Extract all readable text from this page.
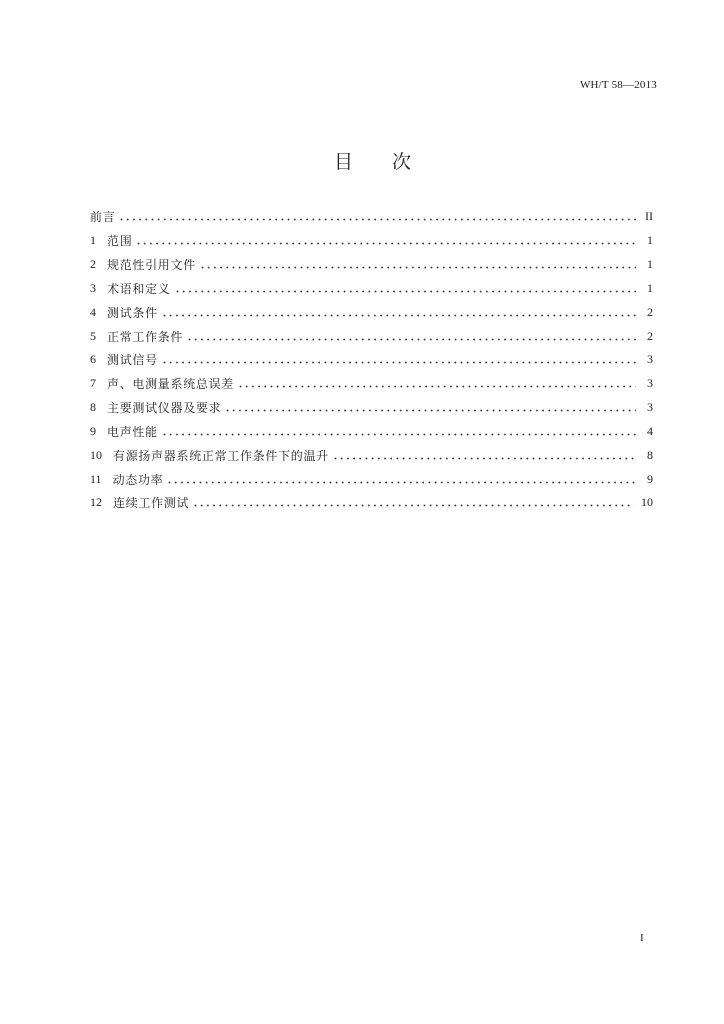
WH/T 58—2013
目 次
前言	II
1 范围	1
2 规范性引用文件	1
3 术语和定义	1
4 测试条件	2
5 正常工作条件	2
6 测试信号	3
7 声、电测量系统总误差	3
8 主要测试仪器及要求	3
9 电声性能	4
10 有源扬声器系统正常工作条件下的温升	8
11 动态功率	9
12 连续工作测试	10
I
